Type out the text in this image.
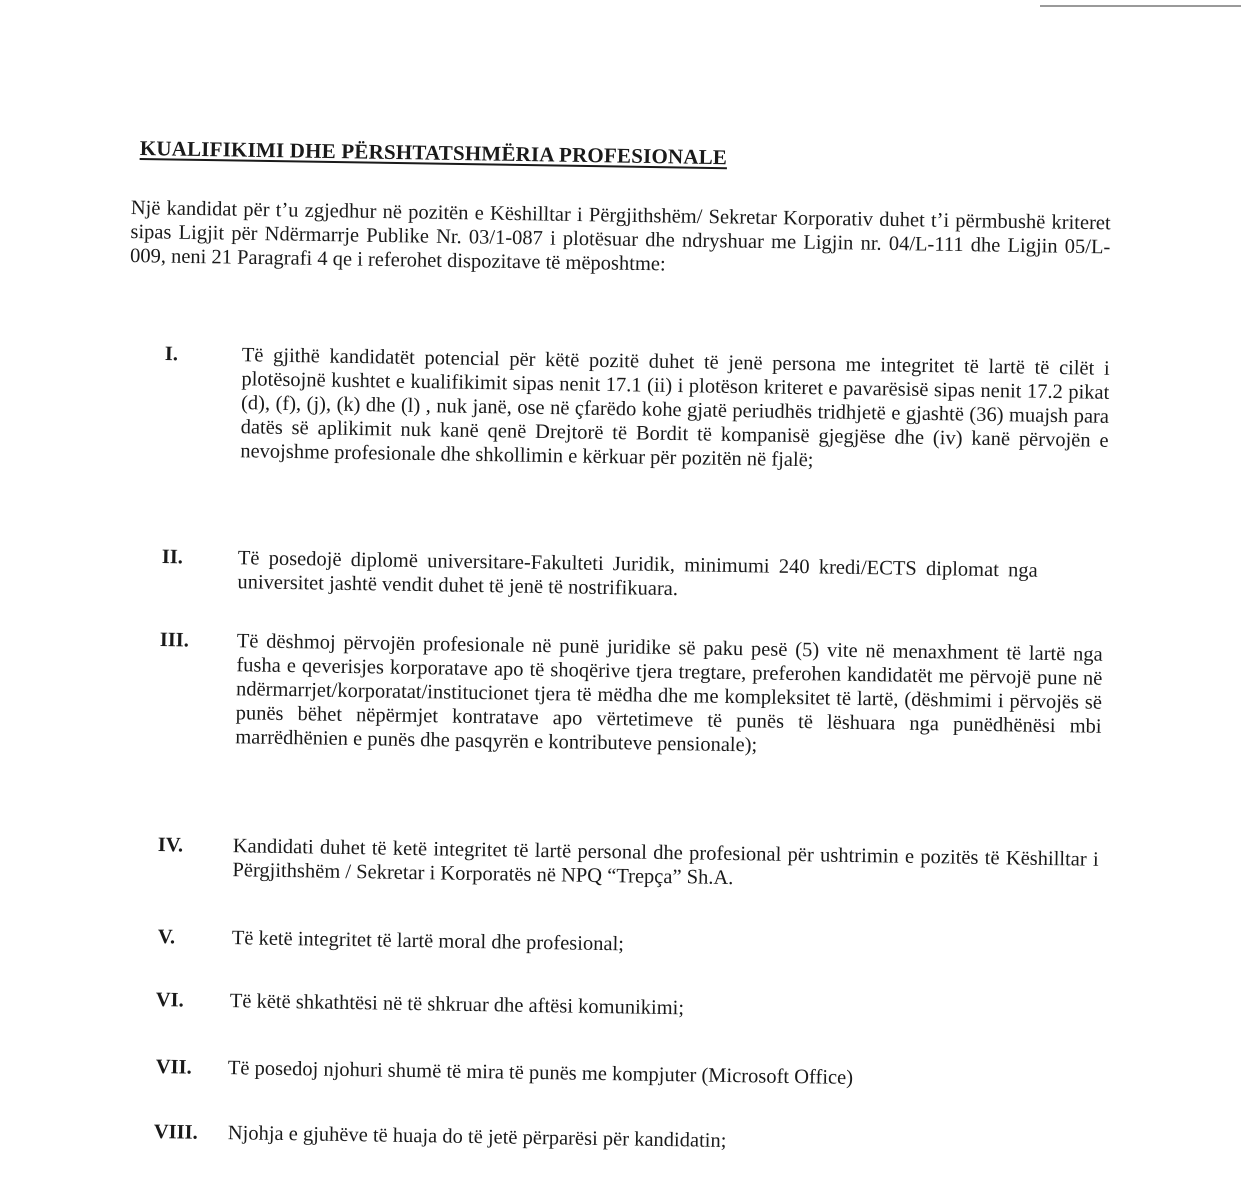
KUALIFIKIMI DHE PËRSHTATSHMËRIA PROFESIONALE
Një kandidat për t’u zgjedhur në pozitën e Këshilltar i Përgjithshëm/ Sekretar Korporativ duhet t’i përmbushë kriteret sipas Ligjit për Ndërmarrje Publike Nr. 03/1-087 i plotësuar dhe ndryshuar me Ligjin nr. 04/L-111 dhe Ligjin 05/L-009, neni 21 Paragrafi 4 qe i referohet dispozitave të mëposhtme:
I.	Të gjithë kandidatët potencial për këtë pozitë duhet të jenë persona me integritet të lartë të cilët i plotësojnë kushtet e kualifikimit sipas nenit 17.1 (ii) i plotëson kriteret e pavarësisë sipas nenit 17.2 pikat (d), (f), (j), (k) dhe (l) , nuk janë, ose në çfarëdo kohe gjatë periudhës tridhjetë e gjashtë (36) muajsh para datës së aplikimit nuk kanë qenë Drejtorë të Bordit të kompanisë gjegjëse dhe (iv) kanë përvojën e nevojshme profesionale dhe shkollimin e kërkuar për pozitën në fjalë;
II.	Të posedojë diplomë universitare-Fakulteti Juridik, minimumi 240 kredi/ECTS diplomat nga universitet jashtë vendit duhet të jenë të nostrifikuara.
III.	Të dëshmoj përvojën profesionale në punë juridike së paku pesë (5) vite në menaxhment të lartë nga fusha e qeverisjes korporatave apo të shoqërive tjera tregtare, preferohen kandidatët me përvojë pune në ndërmarrjet/korporatat/institucionet tjera të mëdha dhe me kompleksitet të lartë, (dëshmimi i përvojës së punës bëhet nëpërmjet kontratave apo vërtetimeve të punës të lëshuara nga punëdhënësi mbi marrëdhënien e punës dhe pasqyrën e kontributeve pensionale);
IV.	Kandidati duhet të ketë integritet të lartë personal dhe profesional për ushtrimin e pozitës të Këshilltar i Përgjithshëm / Sekretar i Korporatës në NPQ “Trepça” Sh.A.
V.	Të ketë integritet të lartë moral dhe profesional;
VI.	Të këtë shkathtësi në të shkruar dhe aftësi komunikimi;
VII.	Të posedoj njohuri shumë të mira të punës me kompjuter (Microsoft Office)
VIII.	Njohja e gjuhëve të huaja do të jetë përparësi për kandidatin;
